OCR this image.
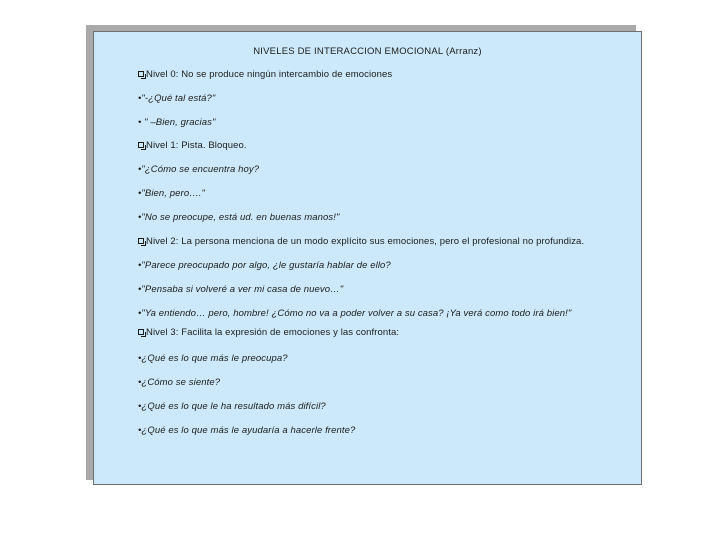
NIVELES DE INTERACCION EMOCIONAL (Arranz)
Nivel 0: No se produce ningún intercambio de emociones
•"-¿Qué tal está?"
• " –Bien, gracias"
Nivel 1: Pista. Bloqueo.
•"¿Cómo se encuentra hoy?
•"Bien, pero…."
•"No se preocupe, está ud. en buenas manos!"
Nivel 2: La persona menciona de un modo explícito sus emociones, pero el profesional no profundiza.
•"Parece preocupado por algo, ¿le gustaría hablar de ello?
•"Pensaba si volveré a ver mi casa de nuevo…"
•"Ya entiendo… pero, hombre! ¿Cómo no va a poder volver a su casa? ¡Ya verá como todo irá bien!"
Nivel 3: Facilita la expresión de emociones y las confronta:
•¿Qué es lo que más le preocupa?
•¿Cómo se siente?
•¿Qué es lo que le ha resultado más difícil?
•¿Qué es lo que más le ayudaría a hacerle frente?
